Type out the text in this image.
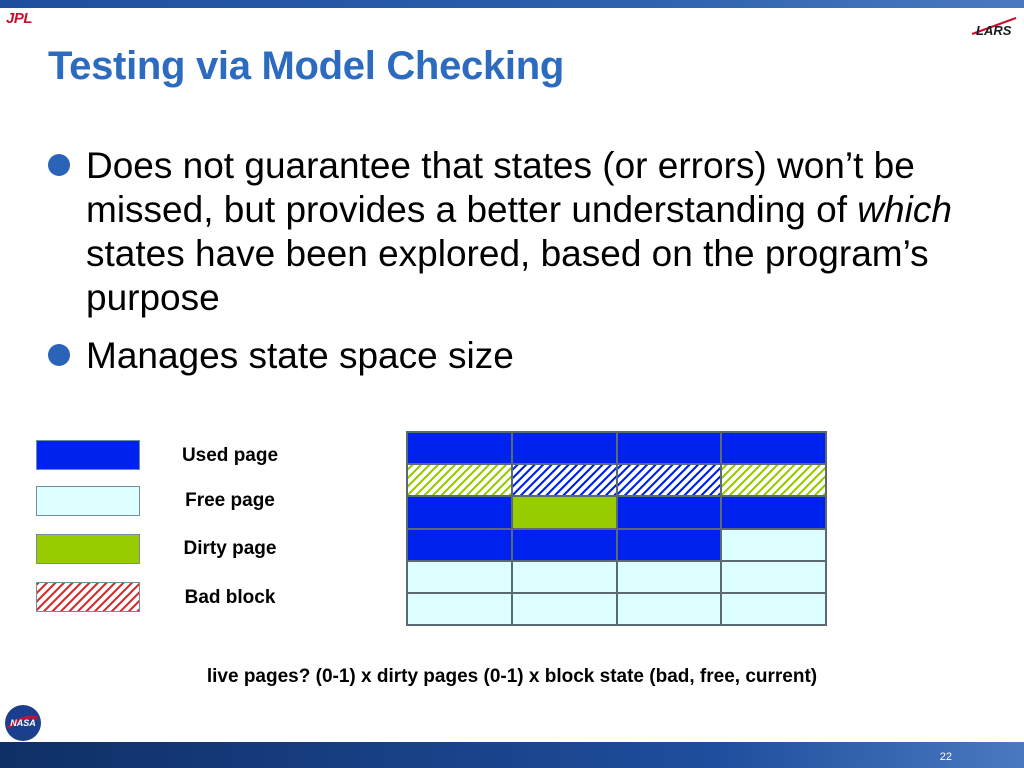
JPL
LARS
Testing via Model Checking
Does not guarantee that states (or errors) won’t be missed, but provides a better understanding of which states have been explored, based on the program’s purpose
Manages state space size
Used page
Free page
Dirty page
Bad block
live pages? (0-1) x dirty pages (0-1) x block state (bad, free, current)
NASA
22
